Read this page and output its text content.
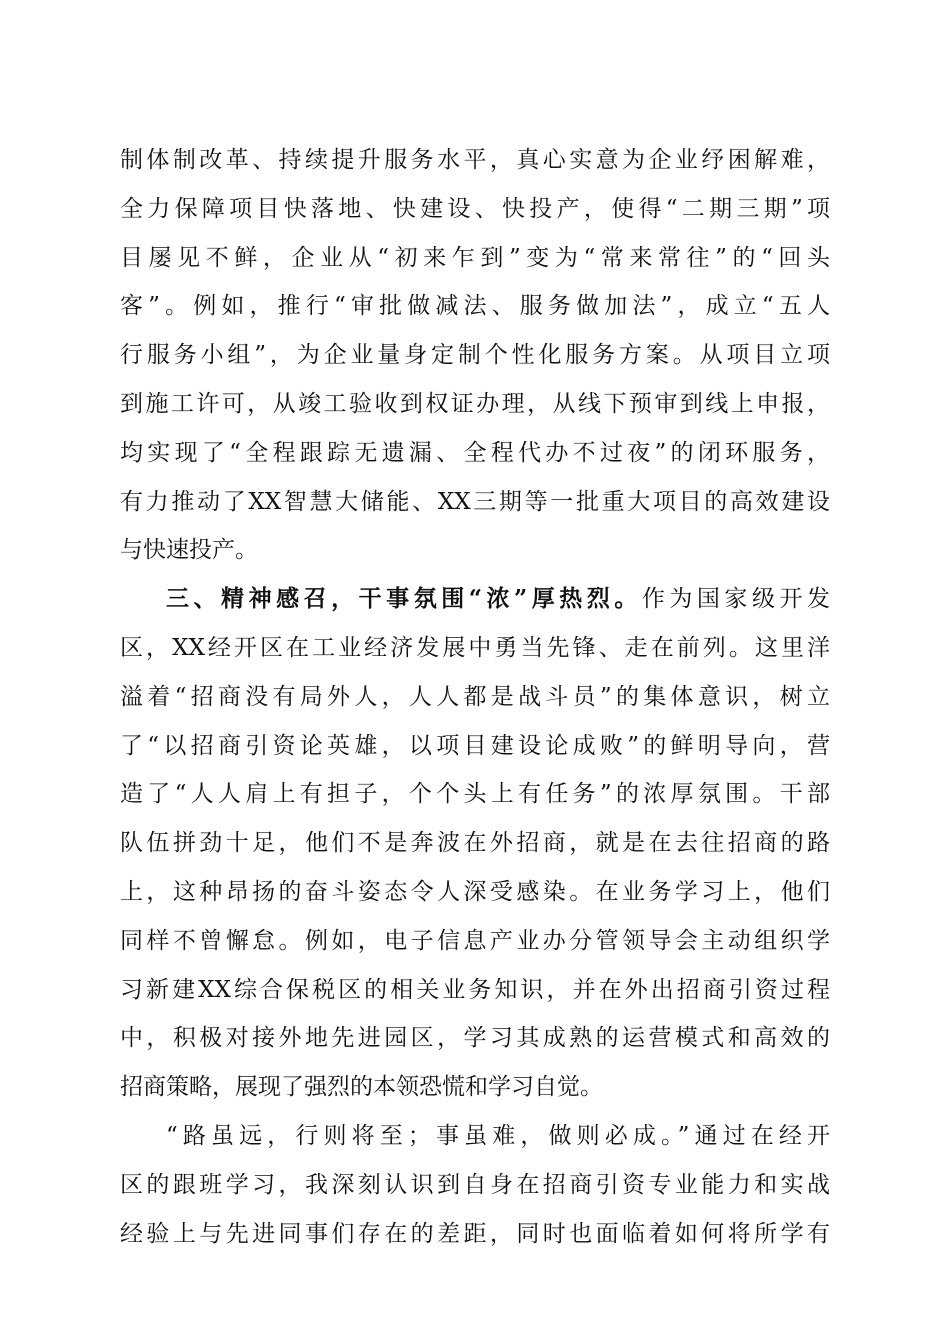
制体制改革、持续提升服务水平，真心实意为企业纾困解难，
全力保障项目快落地、快建设、快投产，使得“二期三期”项
目屡见不鲜，企业从“初来乍到”变为“常来常往”的“回头
客”。例如，推行“审批做减法、服务做加法”，成立“五人
行服务小组”，为企业量身定制个性化服务方案。从项目立项
到施工许可，从竣工验收到权证办理，从线下预审到线上申报，
均实现了“全程跟踪无遗漏、全程代办不过夜”的闭环服务，
有力推动了XX智慧大储能、XX三期等一批重大项目的高效建设
与快速投产。
三、精神感召，干事氛围“浓”厚热烈。作为国家级开发
区，XX经开区在工业经济发展中勇当先锋、走在前列。这里洋
溢着“招商没有局外人，人人都是战斗员”的集体意识，树立
了“以招商引资论英雄，以项目建设论成败”的鲜明导向，营
造了“人人肩上有担子，个个头上有任务”的浓厚氛围。干部
队伍拼劲十足，他们不是奔波在外招商，就是在去往招商的路
上，这种昂扬的奋斗姿态令人深受感染。在业务学习上，他们
同样不曾懈怠。例如，电子信息产业办分管领导会主动组织学
习新建XX综合保税区的相关业务知识，并在外出招商引资过程
中，积极对接外地先进园区，学习其成熟的运营模式和高效的
招商策略，展现了强烈的本领恐慌和学习自觉。
“路虽远，行则将至；事虽难，做则必成。”通过在经开
区的跟班学习，我深刻认识到自身在招商引资专业能力和实战
经验上与先进同事们存在的差距，同时也面临着如何将所学有
